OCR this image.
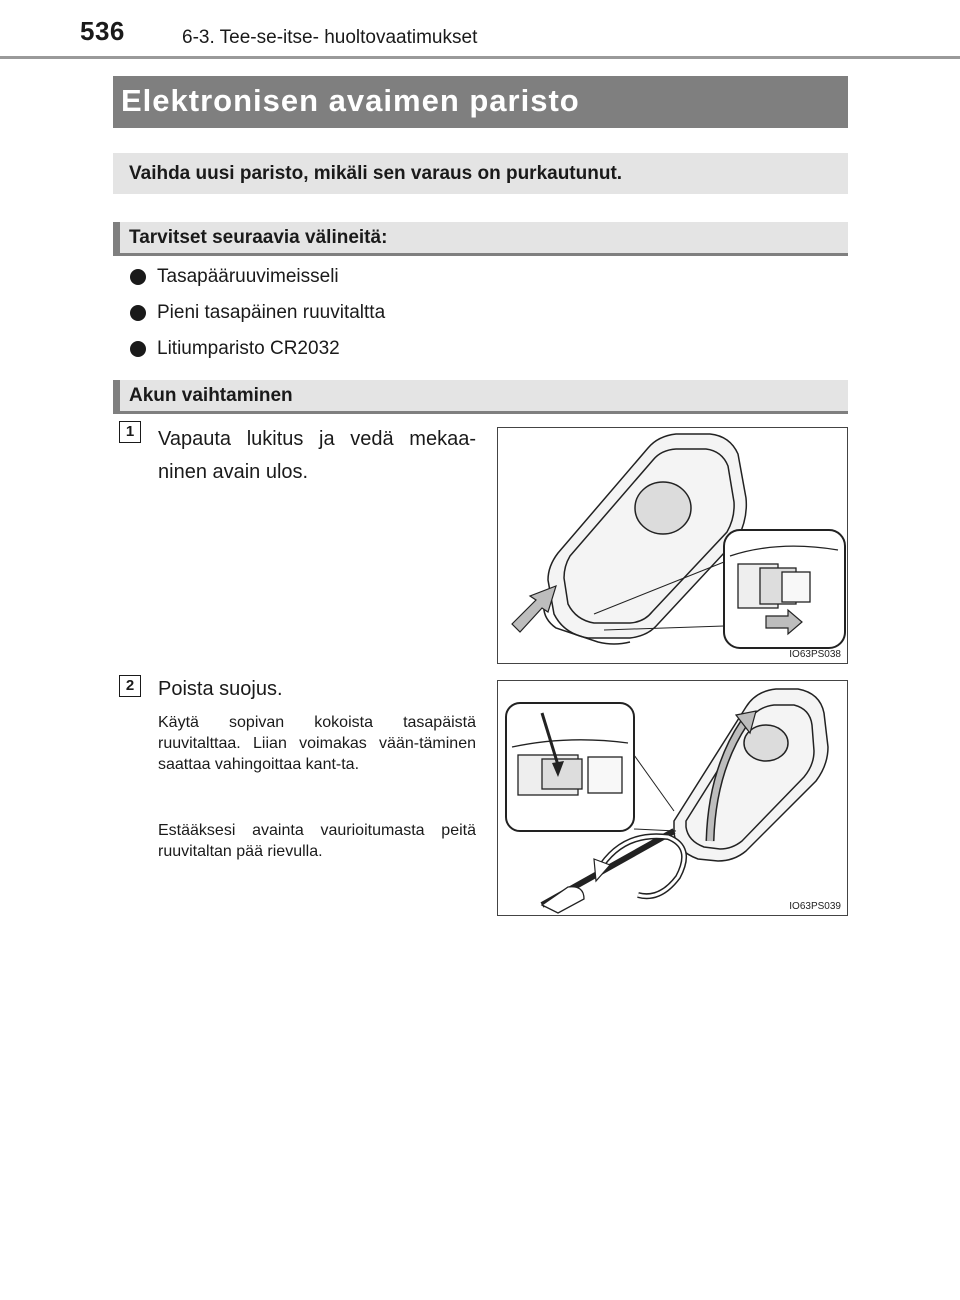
536	6-3. Tee-se-itse- huoltovaatimukset
Elektronisen avaimen paristo
Vaihda uusi paristo, mikäli sen varaus on purkautunut.
Tarvitset seuraavia välineitä:
Tasapääruuvimeisseli
Pieni tasapäinen ruuvitaltta
Litiumparisto CR2032
Akun vaihtaminen
1	Vapauta lukitus ja vedä mekaa-ninen avain ulos.
IO63PS038
2	Poista suojus.
Käytä sopivan kokoista tasapäistä ruuvitalttaa. Liian voimakas vään-täminen saattaa vahingoittaa kant-ta.
Estääksesi avainta vaurioitumasta peitä ruuvitaltan pää rievulla.
IO63PS039
